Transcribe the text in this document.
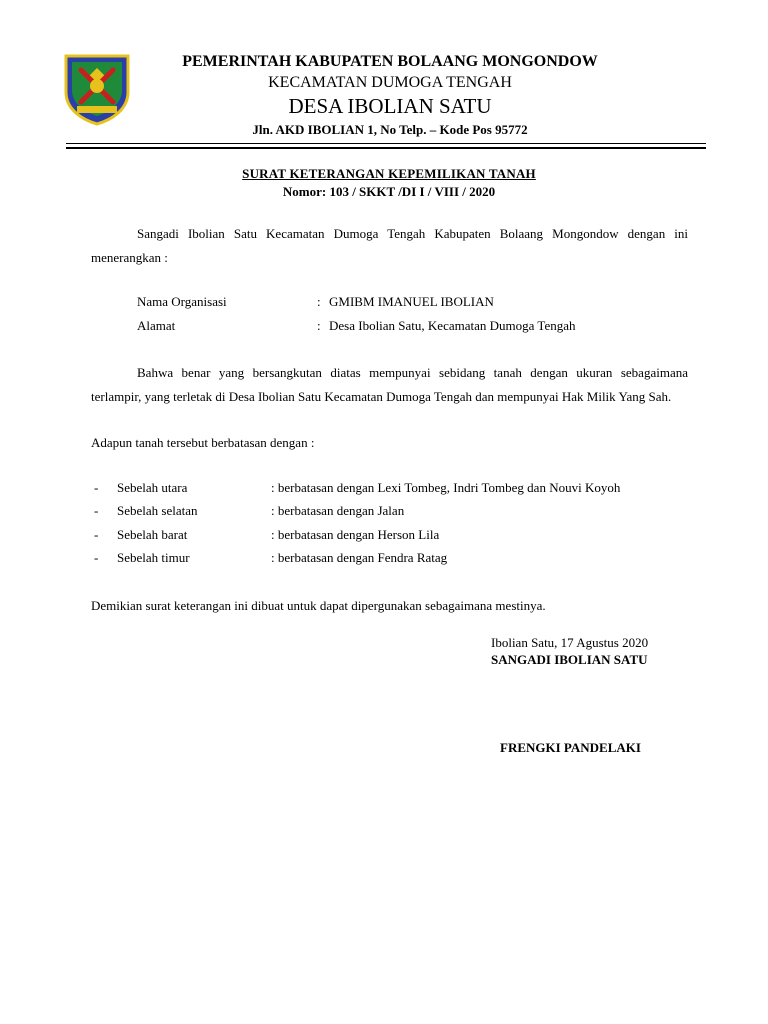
PEMERINTAH KABUPATEN BOLAANG MONGONDOW
KECAMATAN DUMOGA TENGAH
DESA IBOLIAN SATU
Jln. AKD IBOLIAN 1, No Telp. – Kode Pos 95772
SURAT KETERANGAN KEPEMILIKAN TANAH
Nomor: 103 / SKKT /DI I / VIII / 2020

Sangadi Ibolian Satu Kecamatan Dumoga Tengah Kabupaten Bolaang Mongondow dengan ini menerangkan :

Nama Organisasi	: GMIBM IMANUEL IBOLIAN
Alamat	: Desa Ibolian Satu, Kecamatan Dumoga Tengah

Bahwa benar yang bersangkutan diatas mempunyai sebidang tanah dengan ukuran sebagaimana terlampir, yang terletak di Desa Ibolian Satu Kecamatan Dumoga Tengah dan mempunyai Hak Milik Yang Sah.

Adapun tanah tersebut berbatasan dengan :

- Sebelah utara	: berbatasan dengan Lexi Tombeg, Indri Tombeg dan Nouvi Koyoh
- Sebelah selatan	: berbatasan dengan Jalan
- Sebelah barat	: berbatasan dengan Herson Lila
- Sebelah timur	: berbatasan dengan Fendra Ratag

Demikian surat keterangan ini dibuat untuk dapat dipergunakan sebagaimana mestinya.

Ibolian Satu, 17 Agustus 2020
SANGADI IBOLIAN SATU
FRENGKI PANDELAKI
